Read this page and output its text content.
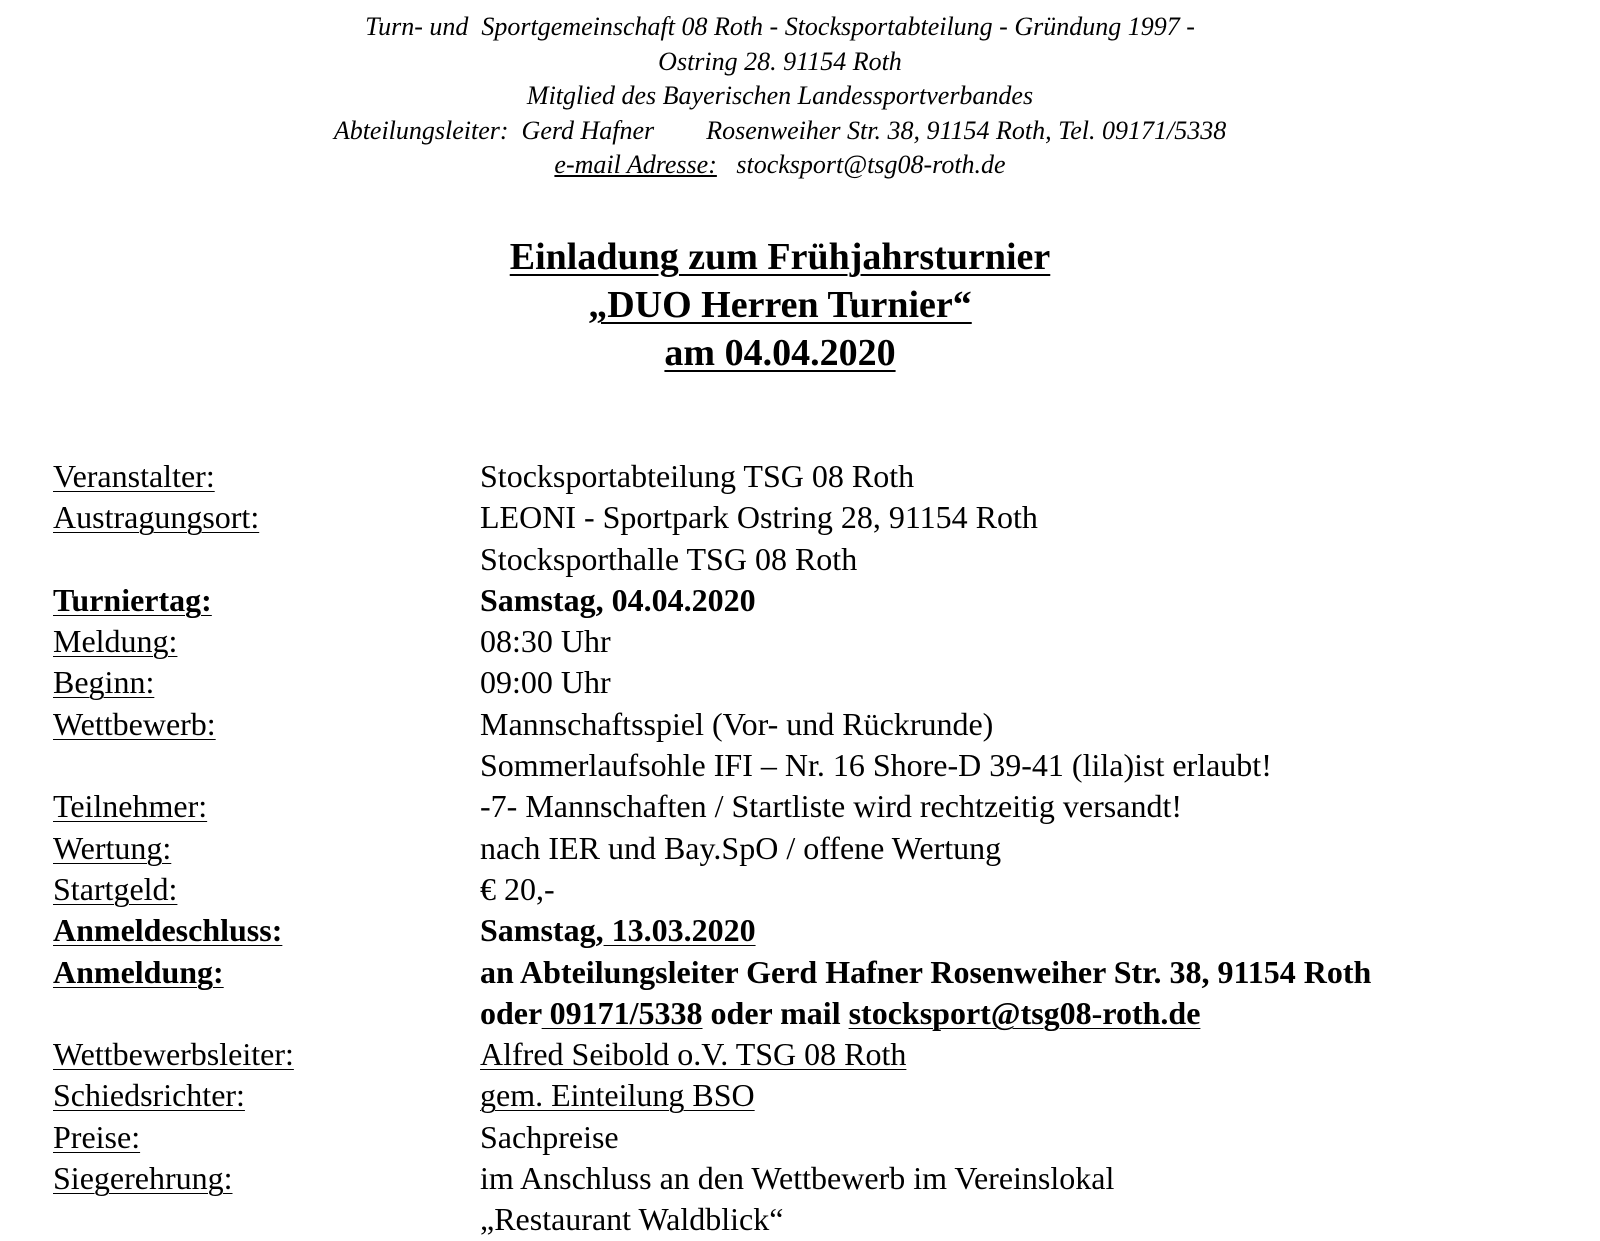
Turn- und  Sportgemeinschaft 08 Roth - Stocksportabteilung - Gründung 1997 -
Ostring 28. 91154 Roth
Mitglied des Bayerischen Landessportverbandes
Abteilungsleiter:  Gerd Hafner Rosenweiher Str. 38, 91154 Roth, Tel. 09171/5338
e-mail Adresse: stocksport@tsg08-roth.de
Einladung zum Frühjahrsturnier
„DUO Herren Turnier“
am 04.04.2020
Veranstalter:	Stocksportabteilung TSG 08 Roth
Austragungsort:	LEONI - Sportpark Ostring 28, 91154 Roth
Stocksporthalle TSG 08 Roth
Turniertag:	Samstag, 04.04.2020
Meldung:	08:30 Uhr
Beginn:	09:00 Uhr
Wettbewerb:	Mannschaftsspiel (Vor- und Rückrunde)
Sommerlaufsohle IFI – Nr. 16 Shore-D 39-41 (lila)ist erlaubt!
Teilnehmer:	-7- Mannschaften / Startliste wird rechtzeitig versandt!
Wertung:	nach IER und Bay.SpO / offene Wertung
Startgeld:	€ 20,-
Anmeldeschluss:	Samstag, 13.03.2020
Anmeldung:	an Abteilungsleiter Gerd Hafner Rosenweiher Str. 38, 91154 Roth
oder 09171/5338 oder mail stocksport@tsg08-roth.de
Wettbewerbsleiter:	Alfred Seibold o.V. TSG 08 Roth
Schiedsrichter:	gem. Einteilung BSO
Preise:	Sachpreise
Siegerehrung:	im Anschluss an den Wettbewerb im Vereinslokal
„Restaurant Waldblick“
